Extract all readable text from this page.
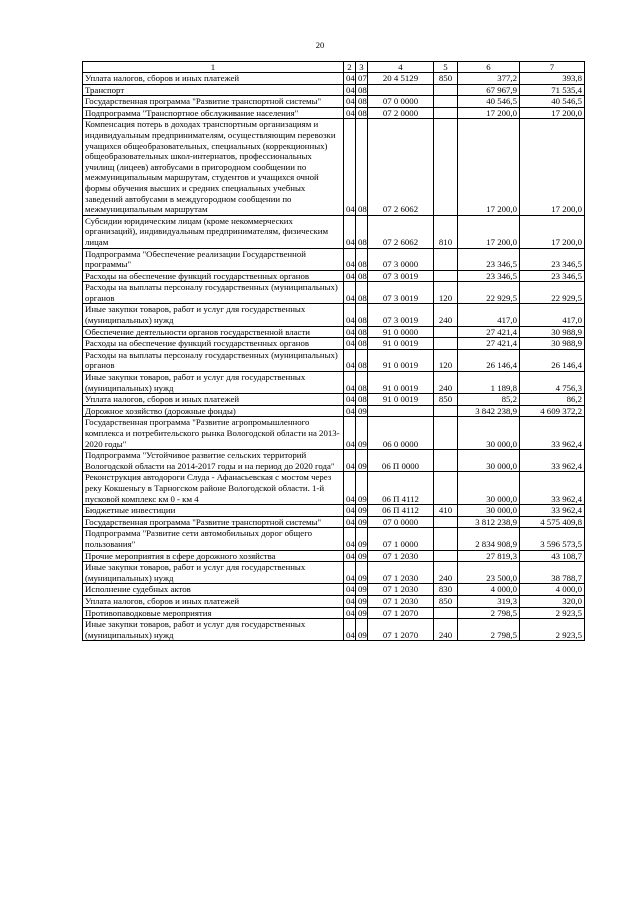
20
1	2	3	4	5	6	7
Уплата налогов, сборов и иных платежей	04	07	20 4 5129	850	377,2	393,8
Транспорт	04	08			67 967,9	71 535,4
Государственная программа "Развитие транспортной системы"	04	08	07 0 0000		40 546,5	40 546,5
Подпрограмма "Транспортное обслуживание населения"	04	08	07 2 0000		17 200,0	17 200,0
Компенсация потерь в доходах транспортным организациям и индивидуальным предпринимателям, осуществляющим перевозки учащихся общеобразовательных, специальных (коррекционных) общеобразовательных школ-интернатов, профессиональных училищ (лицеев) автобусами в пригородном сообщении по межмуниципальным маршрутам, студентов и учащихся очной формы обучения высших и средних специальных учебных заведений автобусами в междугородном сообщении по межмуниципальным маршрутам	04	08	07 2 6062		17 200,0	17 200,0
Субсидии юридическим лицам (кроме некоммерческих организаций), индивидуальным предпринимателям, физическим лицам	04	08	07 2 6062	810	17 200,0	17 200,0
Подпрограмма "Обеспечение реализации Государственной программы"	04	08	07 3 0000		23 346,5	23 346,5
Расходы на обеспечение функций государственных органов	04	08	07 3 0019		23 346,5	23 346,5
Расходы на выплаты персоналу государственных (муниципальных) органов	04	08	07 3 0019	120	22 929,5	22 929,5
Иные закупки товаров, работ и услуг для государственных (муниципальных) нужд	04	08	07 3 0019	240	417,0	417,0
Обеспечение деятельности органов государственной власти	04	08	91 0 0000		27 421,4	30 988,9
Расходы на обеспечение функций государственных органов	04	08	91 0 0019		27 421,4	30 988,9
Расходы на выплаты персоналу государственных (муниципальных) органов	04	08	91 0 0019	120	26 146,4	26 146,4
Иные закупки товаров, работ и услуг для государственных (муниципальных) нужд	04	08	91 0 0019	240	1 189,8	4 756,3
Уплата налогов, сборов и иных платежей	04	08	91 0 0019	850	85,2	86,2
Дорожное хозяйство (дорожные фонды)	04	09			3 842 238,9	4 609 372,2
Государственная программа "Развитие агропромышленного комплекса и потребительского рынка Вологодской области на 2013-2020 годы"	04	09	06 0 0000		30 000,0	33 962,4
Подпрограмма "Устойчивое развитие сельских территорий Вологодской области на 2014-2017 годы и на период до 2020 года"	04	09	06 П 0000		30 000,0	33 962,4
Реконструкция автодороги Слуда - Афанасьевская с мостом через реку Кокшеньгу в Тарногском районе Вологодской области. 1-й пусковой комплекс км 0 - км 4	04	09	06 П 4112		30 000,0	33 962,4
Бюджетные инвестиции	04	09	06 П 4112	410	30 000,0	33 962,4
Государственная программа "Развитие транспортной системы"	04	09	07 0 0000		3 812 238,9	4 575 409,8
Подпрограмма "Развитие сети автомобильных дорог общего пользования"	04	09	07 1 0000		2 834 908,9	3 596 573,5
Прочие мероприятия в сфере дорожного хозяйства	04	09	07 1 2030		27 819,3	43 108,7
Иные закупки товаров, работ и услуг для государственных (муниципальных) нужд	04	09	07 1 2030	240	23 500,0	38 788,7
Исполнение судебных актов	04	09	07 1 2030	830	4 000,0	4 000,0
Уплата налогов, сборов и иных платежей	04	09	07 1 2030	850	319,3	320,0
Противопаводковые мероприятия	04	09	07 1 2070		2 798,5	2 923,5
Иные закупки товаров, работ и услуг для государственных (муниципальных) нужд	04	09	07 1 2070	240	2 798,5	2 923,5
